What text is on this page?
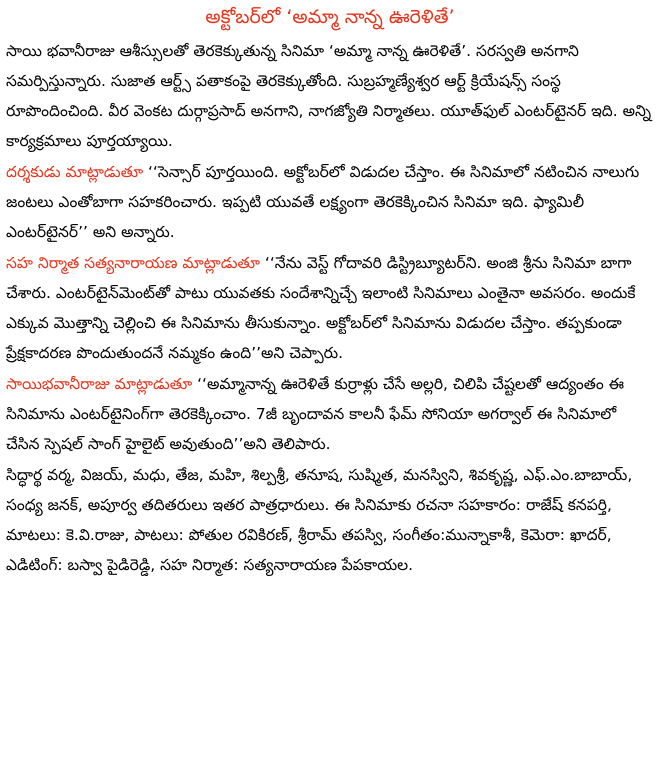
అక్టోబర్‌లో ‘అమ్మా నాన్న ఊరెళితే’

సాయి భవానీరాజు ఆశీస్సులతో తెరకెక్కుతున్న సినిమా ‘అమ్మా నాన్న ఊరెళితే’. సరస్వతి అనగాని సమర్పిస్తున్నారు. సుజాత ఆర్ట్స్ పతాకంపై తెరకెక్కుతోంది. సుబ్రహ్మణ్యేశ్వర ఆర్ట్ క్రియేషన్స్ సంస్థ రూపొందించింది. వీర వెంకట దుర్గాప్రసాద్ అనగాని, నాగజ్యోతి నిర్మాతలు. యూత్‌ఫుల్ ఎంటర్‌టైనర్ ఇది. అన్ని కార్యక్రమాలు పూర్తయ్యాయి.

దర్శకుడు మాట్లాడుతూ ‘‘సెన్సార్ పూర్తయింది. అక్టోబర్‌లో విడుదల చేస్తాం. ఈ సినిమాలో నటించిన నాలుగు జంటలు ఎంతోబాగా సహకరించారు. ఇప్పటి యువతే లక్ష్యంగా తెరకెక్కించిన సినిమా ఇది. ఫ్యామిలీ ఎంటర్‌టైనర్’’ అని అన్నారు.

సహ నిర్మాత సత్యనారాయణ మాట్లాడుతూ ‘‘నేను వెస్ట్ గోదావరి డిస్ట్రిబ్యూటర్‌ని. అంజి శ్రీను సినిమా బాగా చేశారు. ఎంటర్‌టైన్‌మెంట్‌తో పాటు యువతకు సందేశాన్నిచ్చే ఇలాంటి సినిమాలు ఎంతైనా అవసరం. అందుకే ఎక్కువ మొత్తాన్ని చెల్లించి ఈ సినిమాను తీసుకున్నాం. అక్టోబర్‌లో సినిమాను విడుదల చేస్తాం. తప్పకుండా ప్రేక్షకాదరణ పొందుతుందనే నమ్మకం ఉంది’’అని చెప్పారు.

సాయిభవానీరాజు మాట్లాడుతూ ‘‘అమ్మానాన్న ఊరెళితే కుర్రాళ్లు చేసే అల్లరి, చిలిపి చేష్టలతో ఆద్యంతం ఈ సినిమాను ఎంటర్‌టైనింగ్‌గా తెరకెక్కించాం. 7జీ బృందావన కాలనీ ఫేమ్ సోనియా అగర్వాల్ ఈ సినిమాలో చేసిన స్పెషల్ సాంగ్ హైలైట్ అవుతుంది’’అని తెలిపారు.

సిద్ధార్థ వర్మ, విజయ్, మధు, తేజ, మహి, శిల్పశ్రీ, తనూష, సుష్మిత, మనస్విని, శివకృష్ణ, ఎఫ్.ఎం.బాబాయ్, సంధ్య జనక్, అపూర్వ తదితరులు ఇతర పాత్రధారులు. ఈ సినిమాకు రచనా సహకారం: రాజేష్ కనపర్తి, మాటలు: కె.వి.రాజు, పాటలు: పోతుల రవికిరణ్, శ్రీరామ్ తపస్వి, సంగీతం:మున్నాకాశీ, కెమెరా: ఖాదర్, ఎడిటింగ్: బస్వా పైడిరెడ్డి, సహ నిర్మాత: సత్యనారాయణ పేపకాయల.
